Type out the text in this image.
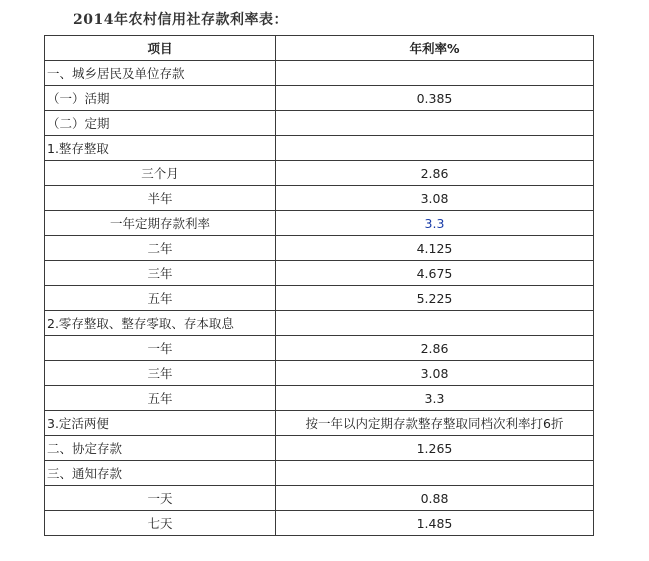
2014年农村信用社存款利率表：
项目	年利率%
一、城乡居民及单位存款	
（一）活期	0.385
（二）定期	
1.整存整取	
三个月	2.86
半年	3.08
一年定期存款利率	3.3
二年	4.125
三年	4.675
五年	5.225
2.零存整取、整存零取、存本取息	
一年	2.86
三年	3.08
五年	3.3
3.定活两便	按一年以内定期存款整存整取同档次利率打6折
二、协定存款	1.265
三、通知存款	
一天	0.88
七天	1.485
